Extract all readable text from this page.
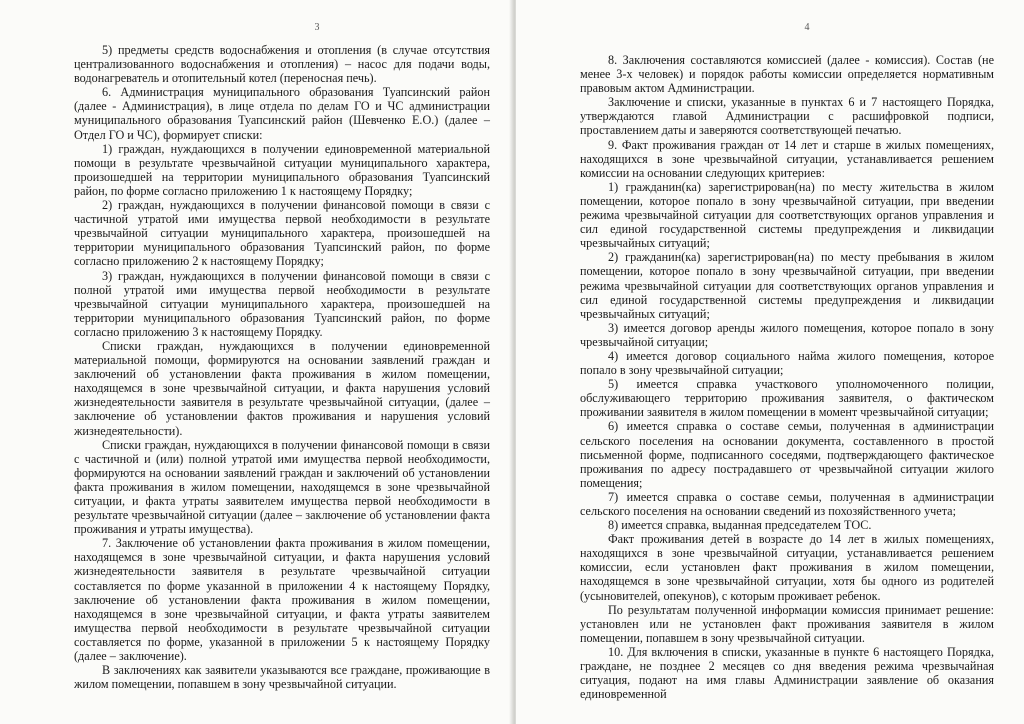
3

5) предметы средств водоснабжения и отопления (в случае отсутствия централизованного водоснабжения и отопления) – насос для подачи воды, водонагреватель и отопительный котел (переносная печь).

6. Администрация муниципального образования Туапсинский район (далее - Администрация), в лице отдела по делам ГО и ЧС администрации муниципального образования Туапсинский район (Шевченко Е.О.) (далее – Отдел ГО и ЧС), формирует списки:

1) граждан, нуждающихся в получении единовременной материальной помощи в результате чрезвычайной ситуации муниципального характера, произошедшей на территории муниципального образования Туапсинский район, по форме согласно приложению 1 к настоящему Порядку;

2) граждан, нуждающихся в получении финансовой помощи в связи с частичной утратой ими имущества первой необходимости в результате чрезвычайной ситуации муниципального характера, произошедшей на территории муниципального образования Туапсинский район, по форме согласно приложению 2 к настоящему Порядку;

3) граждан, нуждающихся в получении финансовой помощи в связи с полной утратой ими имущества первой необходимости в результате чрезвычайной ситуации муниципального характера, произошедшей на территории муниципального образования Туапсинский район, по форме согласно приложению 3 к настоящему Порядку.

Списки граждан, нуждающихся в получении единовременной материальной помощи, формируются на основании заявлений граждан и заключений об установлении факта проживания в жилом помещении, находящемся в зоне чрезвычайной ситуации, и факта нарушения условий жизнедеятельности заявителя в результате чрезвычайной ситуации, (далее – заключение об установлении фактов проживания и нарушения условий жизнедеятельности).

Списки граждан, нуждающихся в получении финансовой помощи в связи с частичной и (или) полной утратой ими имущества первой необходимости, формируются на основании заявлений граждан и заключений об установлении факта проживания в жилом помещении, находящемся в зоне чрезвычайной ситуации, и факта утраты заявителем имущества первой необходимости в результате чрезвычайной ситуации (далее – заключение об установлении факта проживания и утраты имущества).

7. Заключение об установлении факта проживания в жилом помещении, находящемся в зоне чрезвычайной ситуации, и факта нарушения условий жизнедеятельности заявителя в результате чрезвычайной ситуации составляется по форме указанной в приложении 4 к настоящему Порядку, заключение об установлении факта проживания в жилом помещении, находящемся в зоне чрезвычайной ситуации, и факта утраты заявителем имущества первой необходимости в результате чрезвычайной ситуации составляется по форме, указанной в приложении 5 к настоящему Порядку (далее – заключение).

В заключениях как заявители указываются все граждане, проживающие в жилом помещении, попавшем в зону чрезвычайной ситуации.

4

8. Заключения составляются комиссией (далее - комиссия). Состав (не менее 3-х человек) и порядок работы комиссии определяется нормативным правовым актом Администрации.

Заключение и списки, указанные в пунктах 6 и 7 настоящего Порядка, утверждаются главой Администрации с расшифровкой подписи, проставлением даты и заверяются соответствующей печатью.

9. Факт проживания граждан от 14 лет и старше в жилых помещениях, находящихся в зоне чрезвычайной ситуации, устанавливается решением комиссии на основании следующих критериев:

1) гражданин(ка) зарегистрирован(на) по месту жительства в жилом помещении, которое попало в зону чрезвычайной ситуации, при введении режима чрезвычайной ситуации для соответствующих органов управления и сил единой государственной системы предупреждения и ликвидации чрезвычайных ситуаций;

2) гражданин(ка) зарегистрирован(на) по месту пребывания в жилом помещении, которое попало в зону чрезвычайной ситуации, при введении режима чрезвычайной ситуации для соответствующих органов управления и сил единой государственной системы предупреждения и ликвидации чрезвычайных ситуаций;

3) имеется договор аренды жилого помещения, которое попало в зону чрезвычайной ситуации;

4) имеется договор социального найма жилого помещения, которое попало в зону чрезвычайной ситуации;

5) имеется справка участкового уполномоченного полиции, обслуживающего территорию проживания заявителя, о фактическом проживании заявителя в жилом помещении в момент чрезвычайной ситуации;

6) имеется справка о составе семьи, полученная в администрации сельского поселения на основании документа, составленного в простой письменной форме, подписанного соседями, подтверждающего фактическое проживания по адресу пострадавшего от чрезвычайной ситуации жилого помещения;

7) имеется справка о составе семьи, полученная в администрации сельского поселения на основании сведений из похозяйственного учета;

8) имеется справка, выданная председателем ТОС.

Факт проживания детей в возрасте до 14 лет в жилых помещениях, находящихся в зоне чрезвычайной ситуации, устанавливается решением комиссии, если установлен факт проживания в жилом помещении, находящемся в зоне чрезвычайной ситуации, хотя бы одного из родителей (усыновителей, опекунов), с которым проживает ребенок.

По результатам полученной информации комиссия принимает решение: установлен или не установлен факт проживания заявителя в жилом помещении, попавшем в зону чрезвычайной ситуации.

10. Для включения в списки, указанные в пункте 6 настоящего Порядка, граждане, не позднее 2 месяцев со дня введения режима чрезвычайная ситуация, подают на имя главы Администрации заявление об оказания единовременной
